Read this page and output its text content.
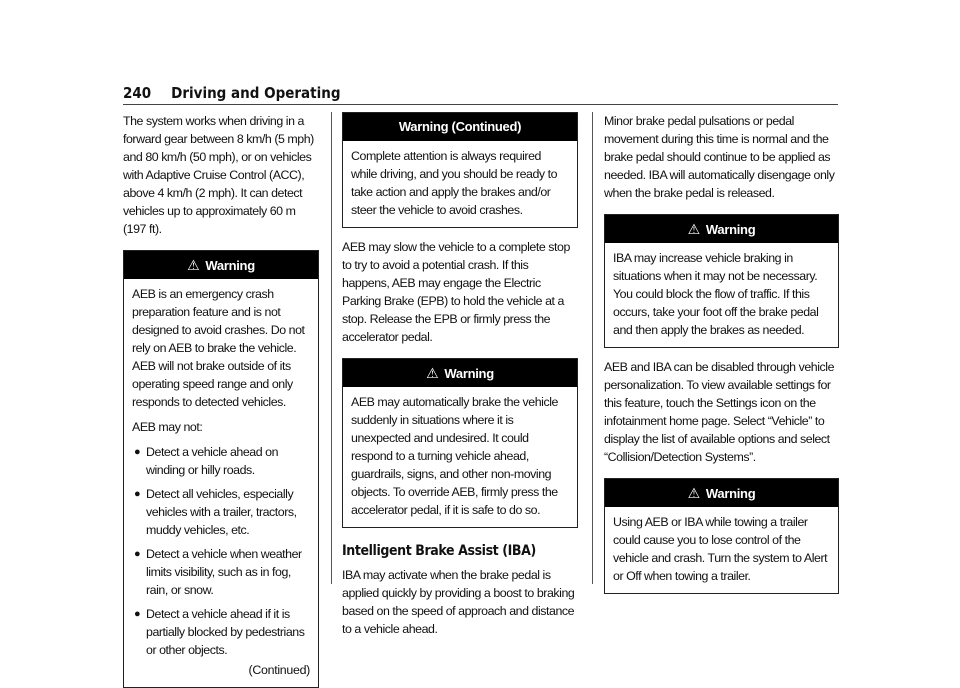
240 Driving and Operating

The system works when driving in a forward gear between 8 km/h (5 mph) and 80 km/h (50 mph), or on vehicles with Adaptive Cruise Control (ACC), above 4 km/h (2 mph). It can detect vehicles up to approximately 60 m (197 ft).

⚠ Warning

AEB is an emergency crash preparation feature and is not designed to avoid crashes. Do not rely on AEB to brake the vehicle. AEB will not brake outside of its operating speed range and only responds to detected vehicles.

AEB may not:

● Detect a vehicle ahead on winding or hilly roads.
● Detect all vehicles, especially vehicles with a trailer, tractors, muddy vehicles, etc.
● Detect a vehicle when weather limits visibility, such as in fog, rain, or snow.
● Detect a vehicle ahead if it is partially blocked by pedestrians or other objects.
(Continued)
Warning (Continued)

Complete attention is always required while driving, and you should be ready to take action and apply the brakes and/or steer the vehicle to avoid crashes.

AEB may slow the vehicle to a complete stop to try to avoid a potential crash. If this happens, AEB may engage the Electric Parking Brake (EPB) to hold the vehicle at a stop. Release the EPB or firmly press the accelerator pedal.

⚠ Warning

AEB may automatically brake the vehicle suddenly in situations where it is unexpected and undesired. It could respond to a turning vehicle ahead, guardrails, signs, and other non-moving objects. To override AEB, firmly press the accelerator pedal, if it is safe to do so.

Intelligent Brake Assist (IBA)

IBA may activate when the brake pedal is applied quickly by providing a boost to braking based on the speed of approach and distance to a vehicle ahead.

Minor brake pedal pulsations or pedal movement during this time is normal and the brake pedal should continue to be applied as needed. IBA will automatically disengage only when the brake pedal is released.

⚠ Warning

IBA may increase vehicle braking in situations when it may not be necessary. You could block the flow of traffic. If this occurs, take your foot off the brake pedal and then apply the brakes as needed.

AEB and IBA can be disabled through vehicle personalization. To view available settings for this feature, touch the Settings icon on the infotainment home page. Select “Vehicle” to display the list of available options and select “Collision/Detection Systems”.

⚠ Warning

Using AEB or IBA while towing a trailer could cause you to lose control of the vehicle and crash. Turn the system to Alert or Off when towing a trailer.
